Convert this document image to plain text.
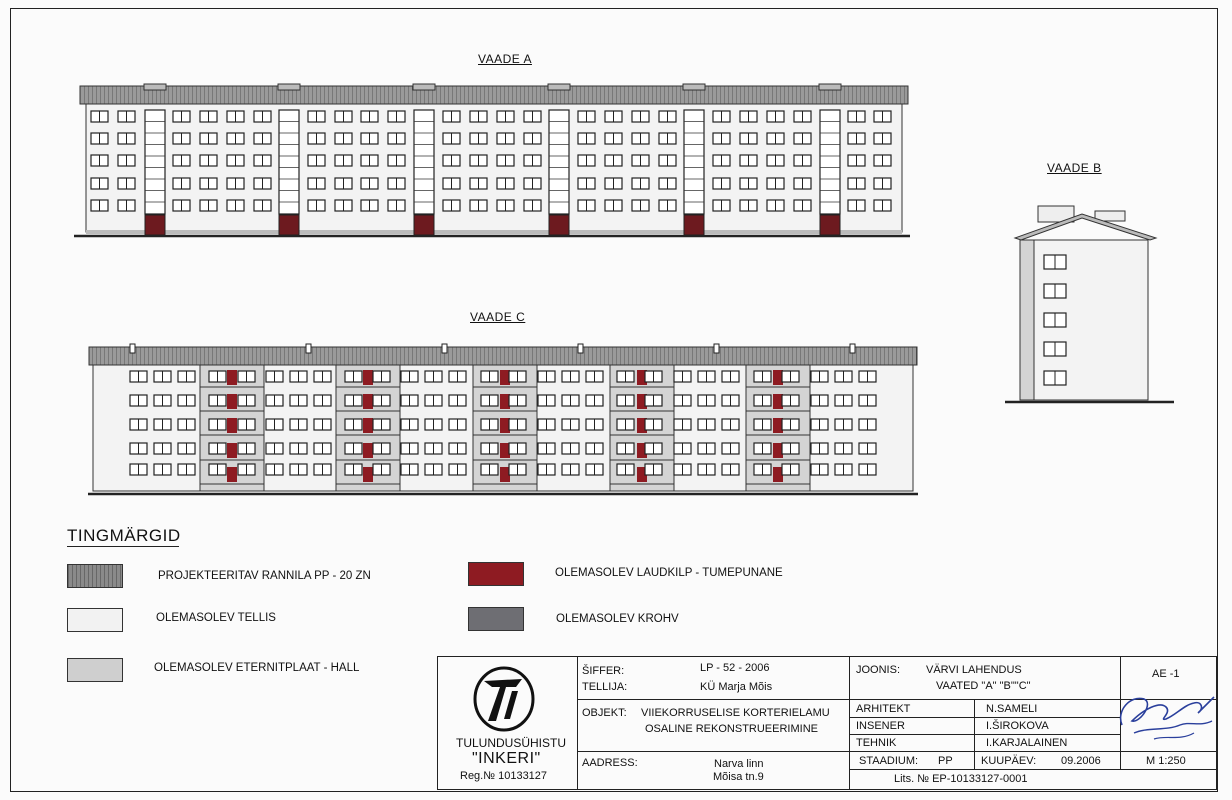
VAADE A
VAADE B
VAADE C
TINGMÄRGID
PROJEKTEERITAV RANNILA PP - 20 ZN
OLEMASOLEV TELLIS
OLEMASOLEV ETERNITPLAAT - HALL
OLEMASOLEV LAUDKILP - TUMEPUNANE
OLEMASOLEV KROHV
TULUNDUSÜHISTU
"INKERI"
Reg.№ 10133127
ŠIFFER:	LP - 52 - 2006
TELLIJA:	KÜ Marja Mõis
OBJEKT: VIIEKORRUSELISE KORTERIELAMU
OSALINE REKONSTRUEERIMINE
AADRESS:	Narva linn
Mõisa tn.9
JOONIS: VÄRVI LAHENDUS
VAATED "A" "B""C"
AE -1
ARHITEKT	N.SAMELI
INSENER	I.ŠIROKOVA
TEHNIK	I.KARJALAINEN
STAADIUM: PP	KUUPÄEV: 09.2006	M 1:250
Lits. № EP-10133127-0001
